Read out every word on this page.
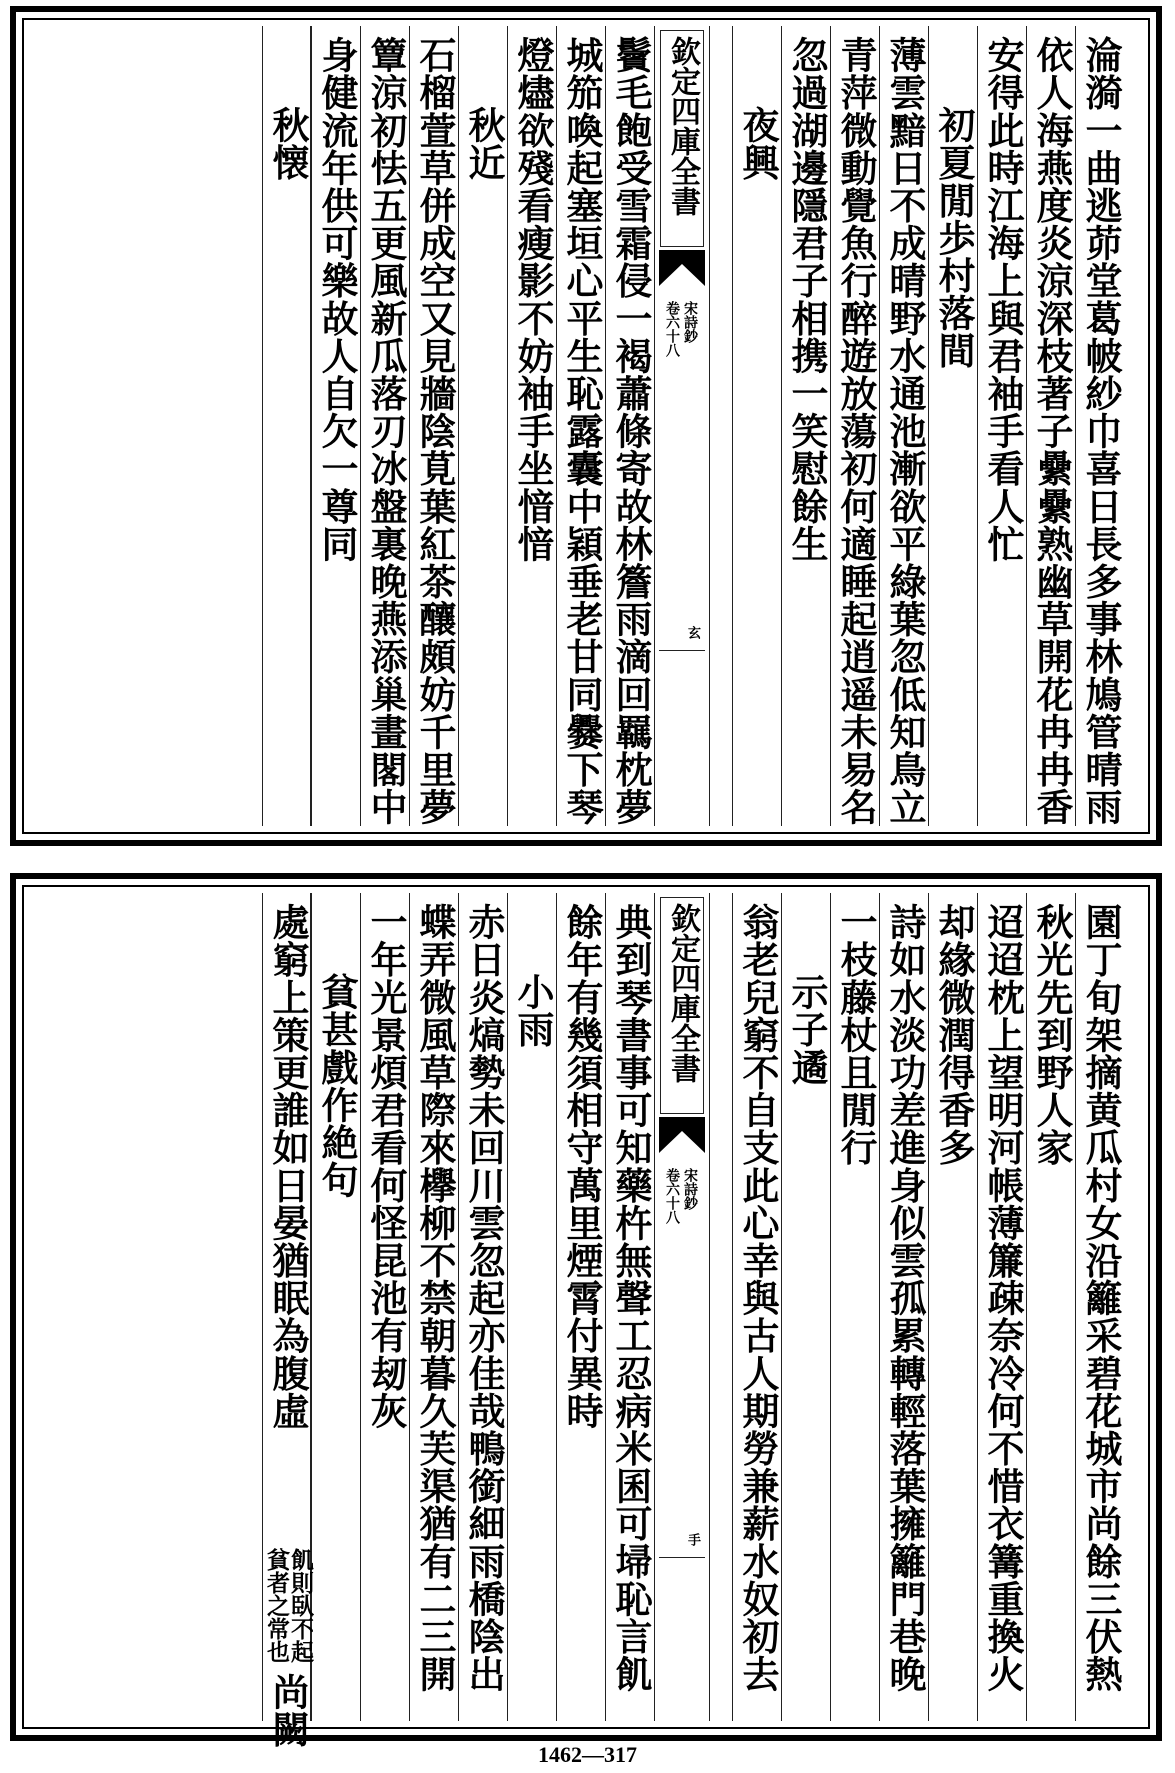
淪漪一曲逃茆堂葛帔紗巾喜日長多事林鳩管晴雨
依人海燕度炎涼深枝著子纍纍熟幽草開花冉冉香
安得此時江海上與君袖手看人忙
初夏閒歩村落間
薄雲黯日不成晴野水通池漸欲平綠葉忽低知鳥立
青萍微動覺魚行醉遊放蕩初何適睡起逍遥未易名
忽過湖邊隱君子相携一笑慰餘生
夜興
欽定四庫全書
宋詩鈔
卷六十八
玄
鬢毛飽受雪霜侵一褐蕭條寄故林簷雨滴回羈枕夢
城笳喚起塞垣心平生恥露囊中穎垂老甘同爨下琴
燈燼欲殘看瘦影不妨袖手坐愔愔
秋近
石榴萱草併成空又見牆陰莧葉紅茶釀頗妨千里夢
簟涼初怯五更風新瓜落刃冰盤裏晚燕添巢畫閣中
身健流年供可樂故人自欠一尊同
秋懐
園丁旬架摘黄瓜村女沿籬采碧花城市尚餘三伏熱
秋光先到野人家
迢迢枕上望明河帳薄簾疎奈冷何不惜衣篝重換火
却緣微潤得香多
詩如水淡功差進身似雲孤累轉輕落葉擁籬門巷晚
一枝藤杖且閒行
示子遹
翁老兒窮不自支此心幸與古人期勞兼薪水奴初去
欽定四庫全書
宋詩鈔
卷六十八
手
典到琴書事可知藥杵無聲工忍病米囷可埽恥言飢
餘年有幾須相守萬里煙霄付異時
小雨
赤日炎熇勢未回川雲忽起亦佳哉鴨銜細雨橋陰出
蝶弄微風草際來欅柳不禁朝暮久芙渠猶有二三開
一年光景煩君看何怪昆池有刼灰
貧甚戲作絶句
處窮上策更誰如日晏猶眠為腹虛
飢則臥不起
貧者之常也
尚闕
1462—317
